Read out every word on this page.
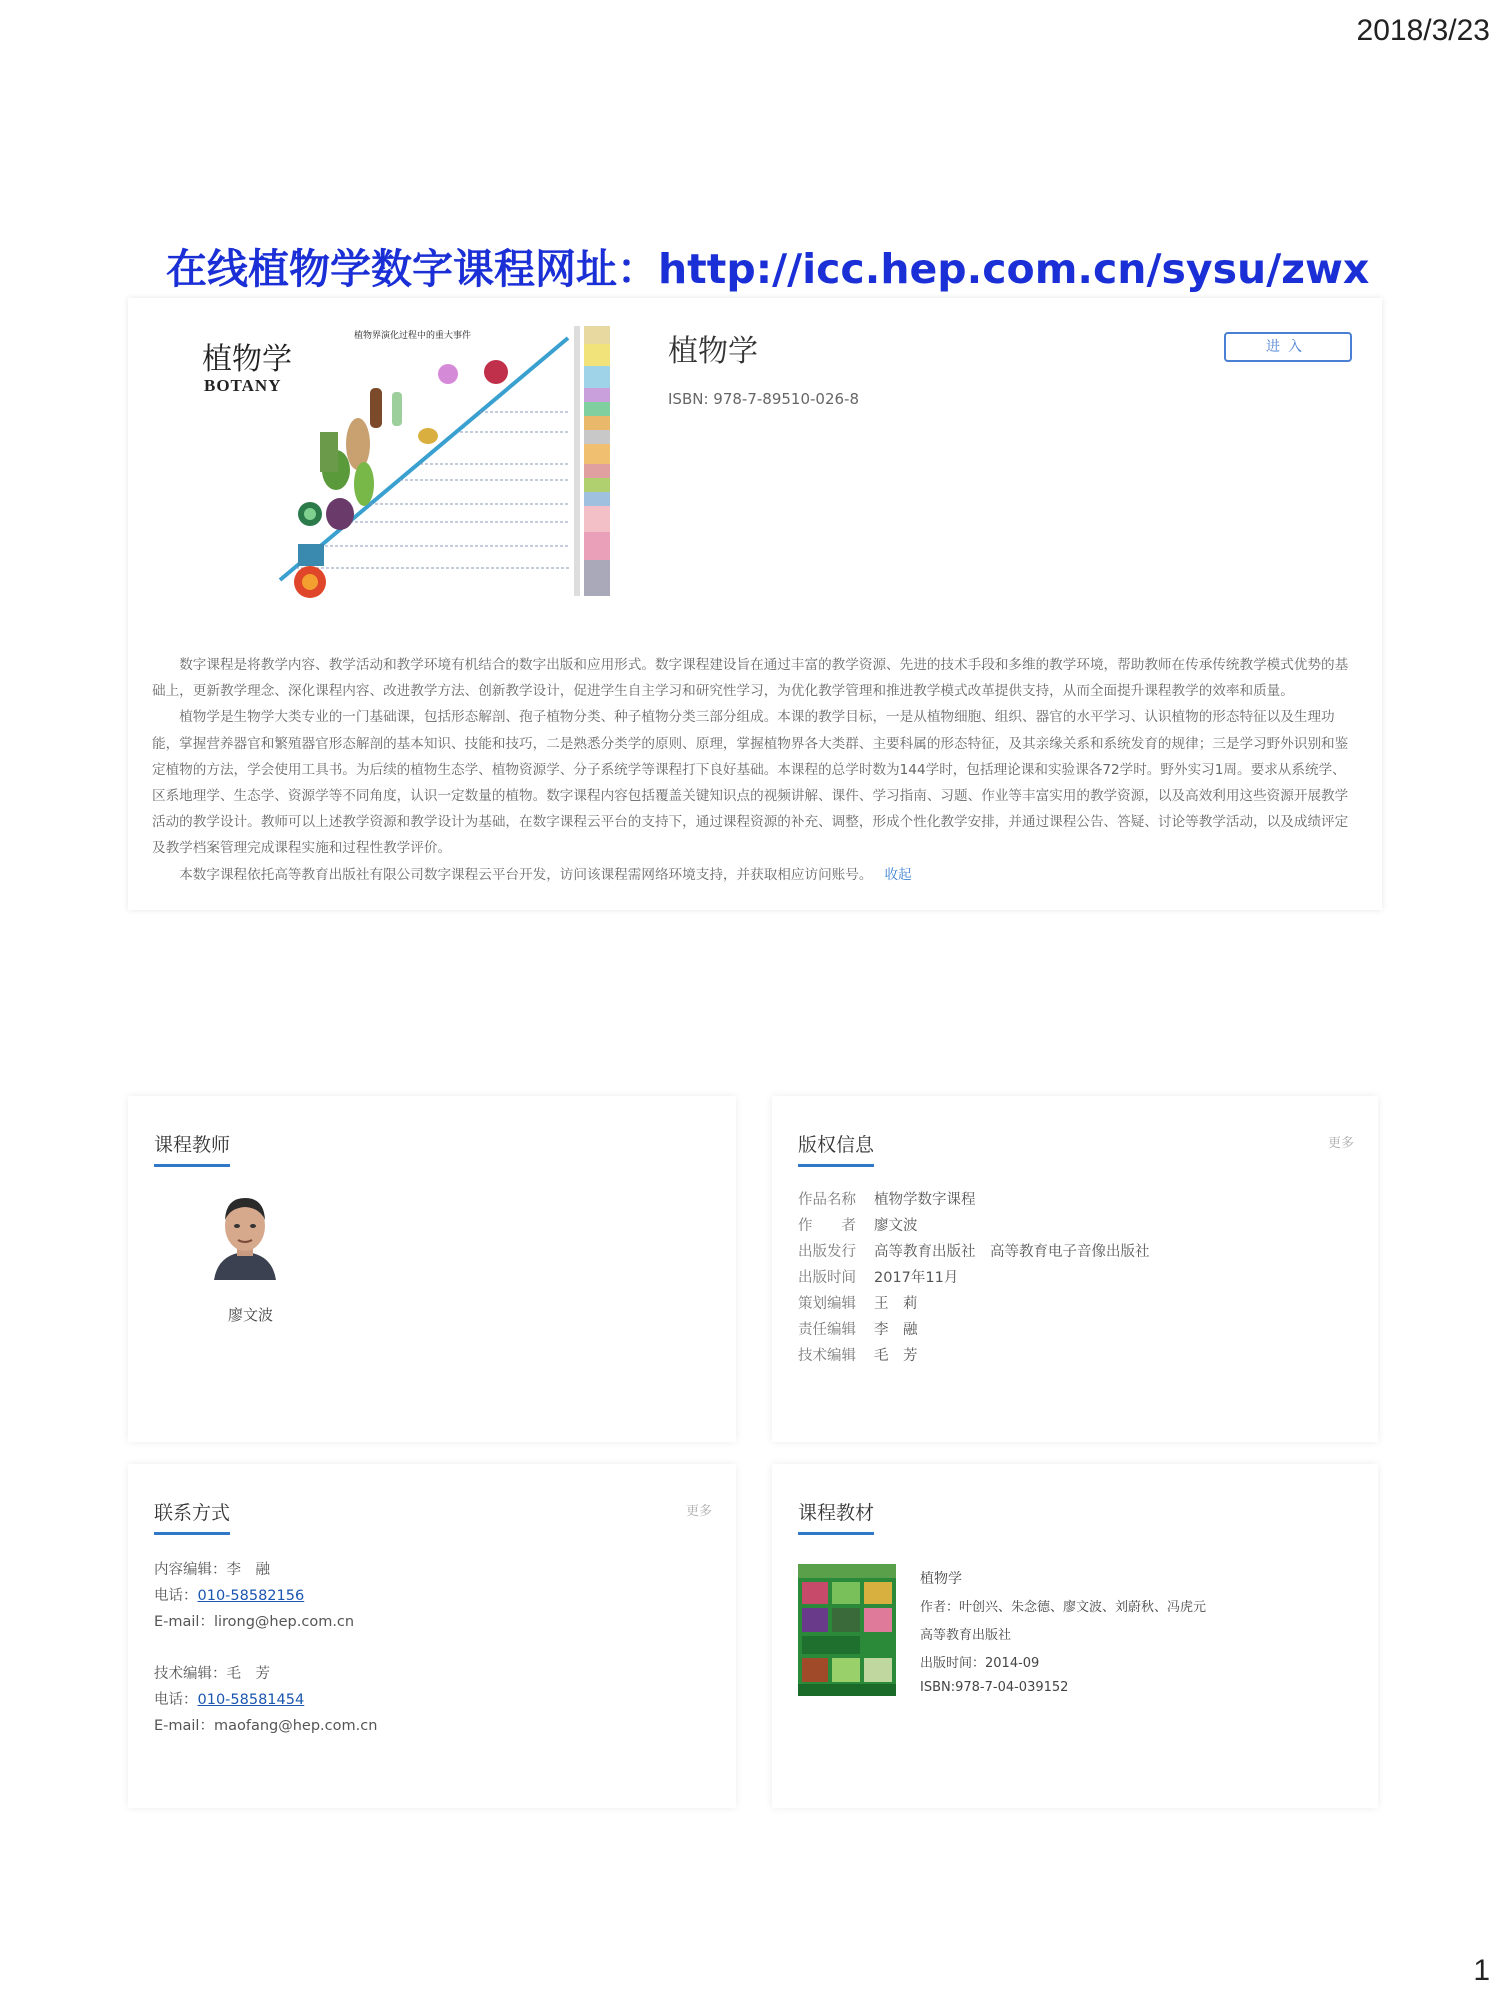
2018/3/23
在线植物学数字课程网址：http://icc.hep.com.cn/sysu/zwx
植物界演化过程中的重大事件
植物学
BOTANY
植物学
ISBN: 978-7-89510-026-8
进入

数字课程是将教学内容、教学活动和教学环境有机结合的数字出版和应用形式。数字课程建设旨在通过丰富的教学资源、先进的技术手段和多维的教学环境，帮助教师在传承传统教学模式优势的基础上，更新教学理念、深化课程内容、改进教学方法、创新教学设计，促进学生自主学习和研究性学习，为优化教学管理和推进教学模式改革提供支持，从而全面提升课程教学的效率和质量。

植物学是生物学大类专业的一门基础课，包括形态解剖、孢子植物分类、种子植物分类三部分组成。本课的教学目标，一是从植物细胞、组织、器官的水平学习、认识植物的形态特征以及生理功能，掌握营养器官和繁殖器官形态解剖的基本知识、技能和技巧，二是熟悉分类学的原则、原理，掌握植物界各大类群、主要科属的形态特征，及其亲缘关系和系统发育的规律；三是学习野外识别和鉴定植物的方法，学会使用工具书。为后续的植物生态学、植物资源学、分子系统学等课程打下良好基础。本课程的总学时数为144学时，包括理论课和实验课各72学时。野外实习1周。要求从系统学、区系地理学、生态学、资源学等不同角度，认识一定数量的植物。数字课程内容包括覆盖关键知识点的视频讲解、课件、学习指南、习题、作业等丰富实用的教学资源，以及高效利用这些资源开展教学活动的教学设计。教师可以上述教学资源和教学设计为基础，在数字课程云平台的支持下，通过课程资源的补充、调整，形成个性化教学安排，并通过课程公告、答疑、讨论等教学活动，以及成绩评定及教学档案管理完成课程实施和过程性教学评价。

本数字课程依托高等教育出版社有限公司数字课程云平台开发，访问该课程需网络环境支持，并获取相应访问账号。 收起

课程教师
廖文波
版权信息	更多
作品名称 植物学数字课程
作　　者 廖文波
出版发行 高等教育出版社　高等教育电子音像出版社
出版时间 2017年11月
策划编辑 王　莉
责任编辑 李　融
技术编辑 毛　芳
联系方式	更多
内容编辑：李　融
电话：010-58582156
E-mail：lirong@hep.com.cn
技术编辑：毛　芳
电话：010-58581454
E-mail：maofang@hep.com.cn
课程教材
植物学
作者：叶创兴、朱念德、廖文波、刘蔚秋、冯虎元
高等教育出版社
出版时间：2014-09
ISBN:978-7-04-039152
1
